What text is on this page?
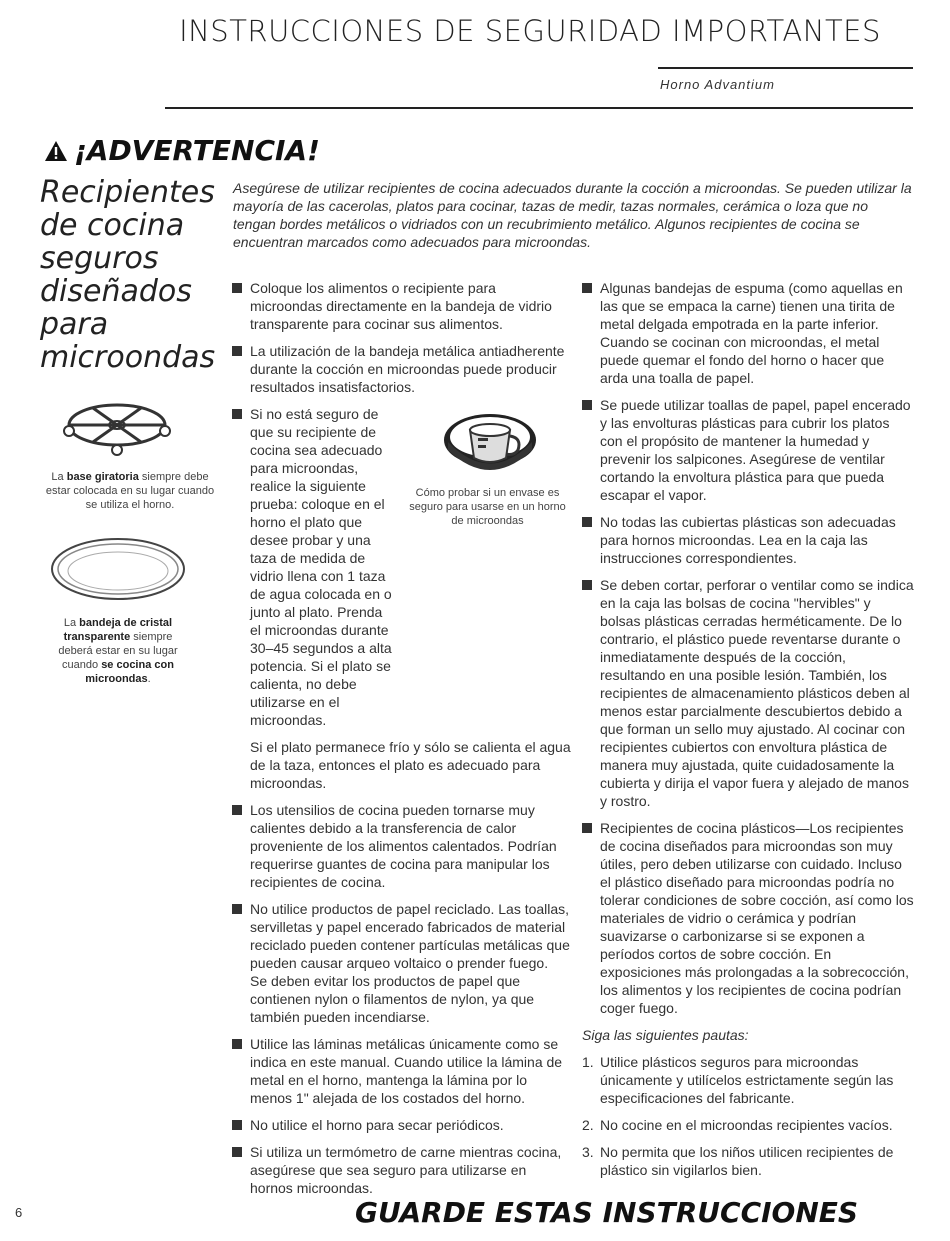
INSTRUCCIONES DE SEGURIDAD IMPORTANTES
Horno Advantium
¡ADVERTENCIA!
Recipientes
de cocina
seguros
diseñados
para
microondas
Asegúrese de utilizar recipientes de cocina adecuados durante la cocción a microondas. Se pueden utilizar la mayoría de las cacerolas, platos para cocinar, tazas de medir, tazas normales, cerámica o loza que no tengan bordes metálicos o vidriados con un recubrimiento metálico. Algunos recipientes de cocina se encuentran marcados como adecuados para microondas.
La base giratoria siempre debe estar colocada en su lugar cuando se utiliza el horno.
La bandeja de cristal transparente siempre deberá estar en su lugar cuando se cocina con microondas.
Cómo probar si un envase es seguro para usarse en un horno de microondas

Coloque los alimentos o recipiente para microondas directamente en la bandeja de vidrio transparente para cocinar sus alimentos.

La utilización de la bandeja metálica antiadherente durante la cocción en microondas puede producir resultados insatisfactorios.

Si no está seguro de que su recipiente de cocina sea adecuado para microondas, realice la siguiente prueba: coloque en el horno el plato que desee probar y una taza de medida de vidrio llena con 1 taza de agua colocada en o junto al plato. Prenda el microondas durante 30–45 segundos a alta potencia. Si el plato se calienta, no debe utilizarse en el microondas.

Si el plato permanece frío y sólo se calienta el agua de la taza, entonces el plato es adecuado para microondas.

Los utensilios de cocina pueden tornarse muy calientes debido a la transferencia de calor proveniente de los alimentos calentados. Podrían requerirse guantes de cocina para manipular los recipientes de cocina.

No utilice productos de papel reciclado. Las toallas, servilletas y papel encerado fabricados de material reciclado pueden contener partículas metálicas que pueden causar arqueo voltaico o prender fuego.

Se deben evitar los productos de papel que contienen nylon o filamentos de nylon, ya que también pueden incendiarse.

Utilice las láminas metálicas únicamente como se indica en este manual. Cuando utilice la lámina de metal en el horno, mantenga la lámina por lo menos 1" alejada de los costados del horno.

No utilice el horno para secar periódicos.

Si utiliza un termómetro de carne mientras cocina, asegúrese que sea seguro para utilizarse en hornos microondas.

Algunas bandejas de espuma (como aquellas en las que se empaca la carne) tienen una tirita de metal delgada empotrada en la parte inferior. Cuando se cocinan con microondas, el metal puede quemar el fondo del horno o hacer que arda una toalla de papel.

Se puede utilizar toallas de papel, papel encerado y las envolturas plásticas para cubrir los platos con el propósito de mantener la humedad y prevenir los salpicones. Asegúrese de ventilar cortando la envoltura plástica para que pueda escapar el vapor.

No todas las cubiertas plásticas son adecuadas para hornos microondas. Lea en la caja las instrucciones correspondientes.

Se deben cortar, perforar o ventilar como se indica en la caja las bolsas de cocina "hervibles" y bolsas plásticas cerradas herméticamente. De lo contrario, el plástico puede reventarse durante o inmediatamente después de la cocción, resultando en una posible lesión. También, los recipientes de almacenamiento plásticos deben al menos estar parcialmente descubiertos debido a que forman un sello muy ajustado. Al cocinar con recipientes cubiertos con envoltura plástica de manera muy ajustada, quite cuidadosamente la cubierta y dirija el vapor fuera y alejado de manos y rostro.

Recipientes de cocina plásticos—Los recipientes de cocina diseñados para microondas son muy útiles, pero deben utilizarse con cuidado. Incluso el plástico diseñado para microondas podría no tolerar condiciones de sobre cocción, así como los materiales de vidrio o cerámica y podrían suavizarse o carbonizarse si se exponen a períodos cortos de sobre cocción. En exposiciones más prolongadas a la sobrecocción, los alimentos y los recipientes de cocina podrían coger fuego.

Siga las siguientes pautas:
1. Utilice plásticos seguros para microondas únicamente y utilícelos estrictamente según las especificaciones del fabricante.
2. No cocine en el microondas recipientes vacíos.
3. No permita que los niños utilicen recipientes de plástico sin vigilarlos bien.
6	GUARDE ESTAS INSTRUCCIONES
